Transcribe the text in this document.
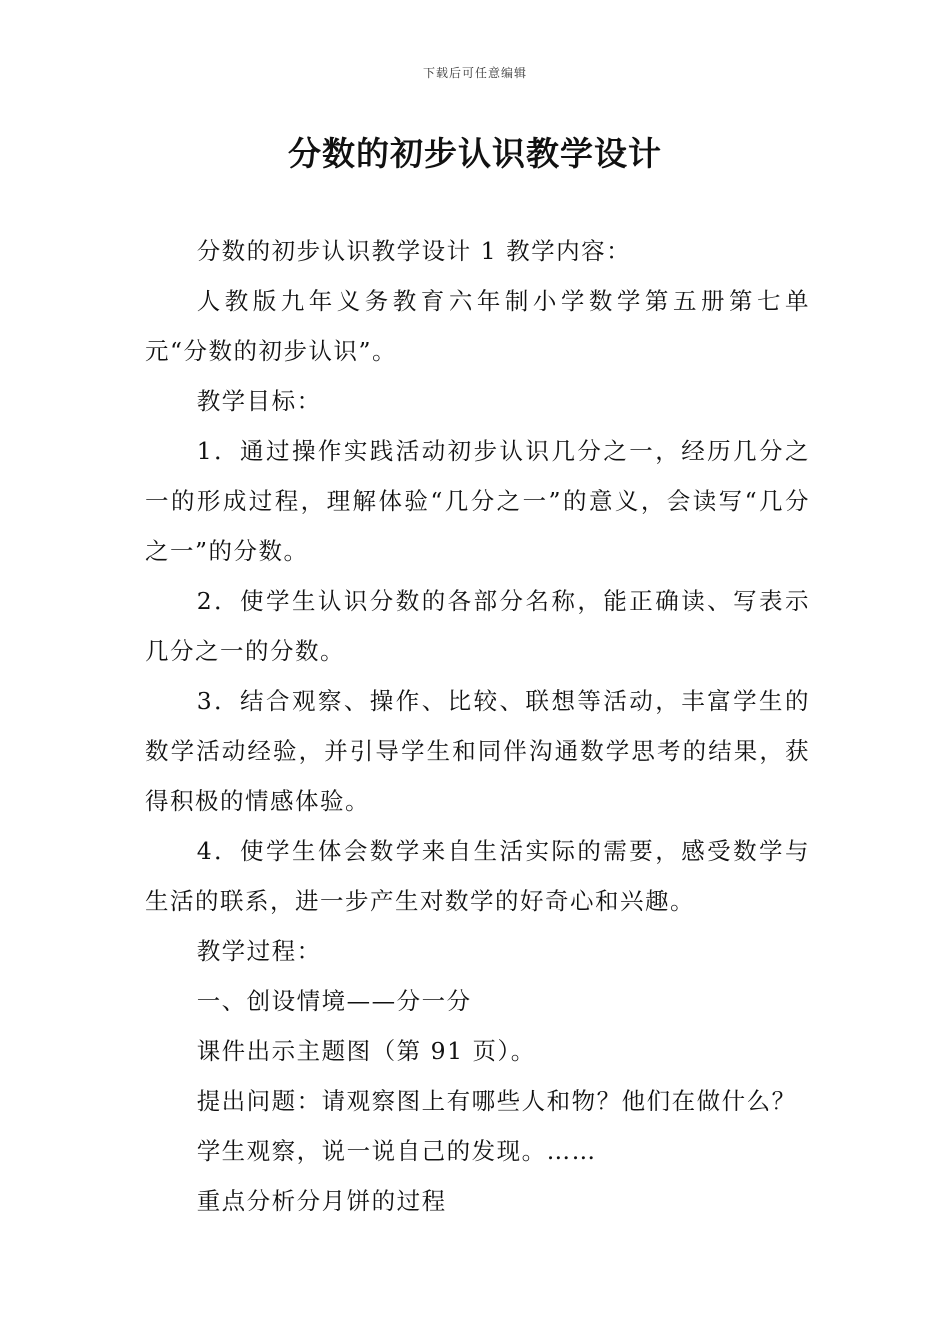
下载后可任意编辑
分数的初步认识教学设计

分数的初步认识教学设计 1 教学内容：

人教版九年义务教育六年制小学数学第五册第七单元“分数的初步认识”。

教学目标：

1．通过操作实践活动初步认识几分之一，经历几分之一的形成过程，理解体验“几分之一”的意义，会读写“几分之一”的分数。

2．使学生认识分数的各部分名称，能正确读、写表示几分之一的分数。

3．结合观察、操作、比较、联想等活动，丰富学生的数学活动经验，并引导学生和同伴沟通数学思考的结果，获得积极的情感体验。

4．使学生体会数学来自生活实际的需要，感受数学与生活的联系，进一步产生对数学的好奇心和兴趣。

教学过程：

一、创设情境——分一分

课件出示主题图（第 91 页）。

提出问题：请观察图上有哪些人和物？他们在做什么？

学生观察，说一说自己的发现。……

重点分析分月饼的过程
